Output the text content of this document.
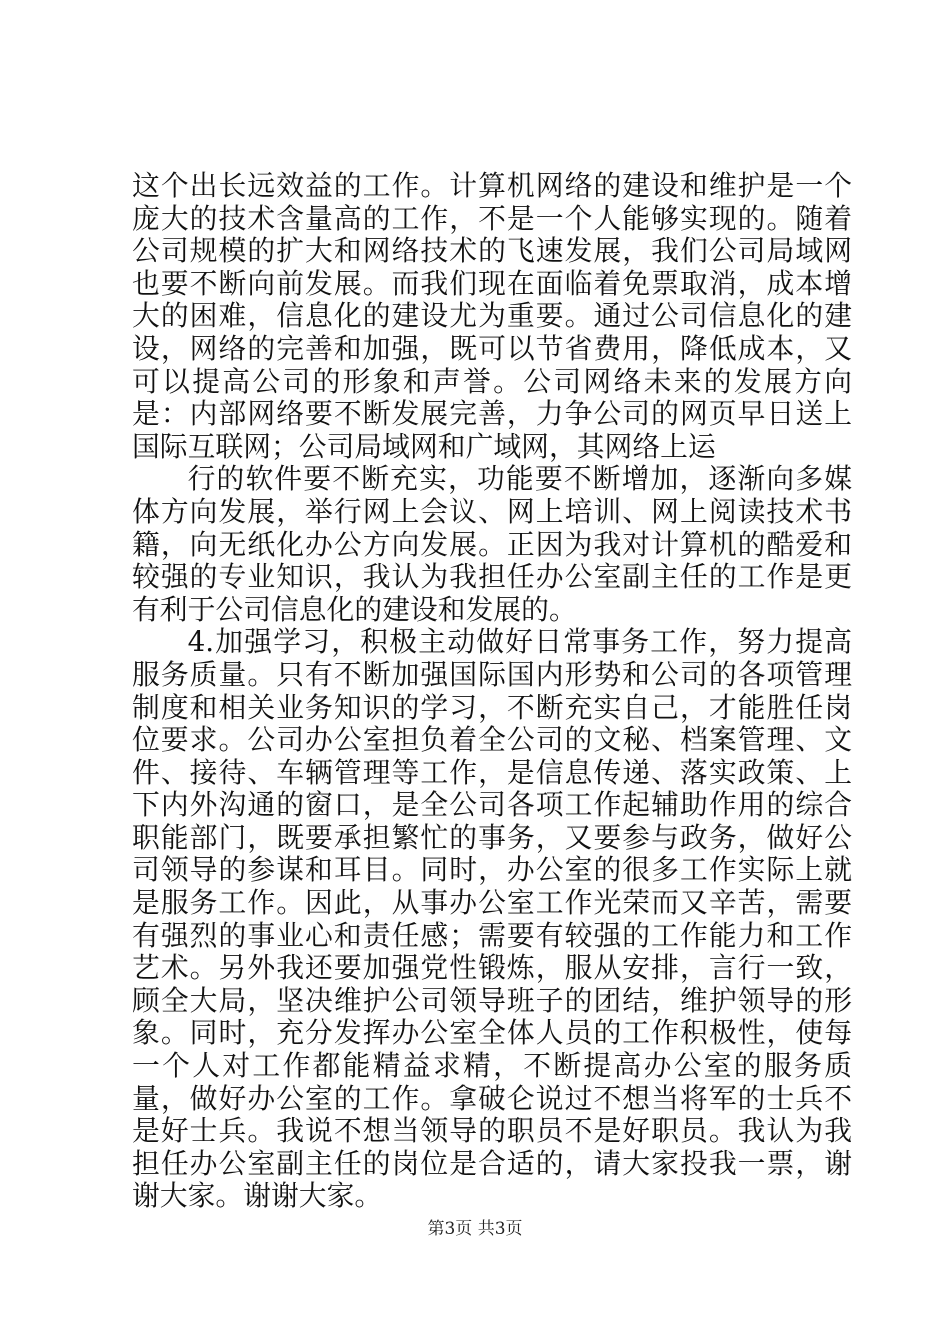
这个出长远效益的工作。计算机网络的建设和维护是一个庞大的技术含量高的工作，不是一个人能够实现的。随着公司规模的扩大和网络技术的飞速发展，我们公司局域网也要不断向前发展。而我们现在面临着免票取消，成本增大的困难，信息化的建设尤为重要。通过公司信息化的建设，网络的完善和加强，既可以节省费用，降低成本，又可以提高公司的形象和声誉。公司网络未来的发展方向是：内部网络要不断发展完善，力争公司的网页早日送上国际互联网；公司局域网和广域网，其网络上运

行的软件要不断充实，功能要不断增加，逐渐向多媒体方向发展，举行网上会议、网上培训、网上阅读技术书籍，向无纸化办公方向发展。正因为我对计算机的酷爱和较强的专业知识，我认为我担任办公室副主任的工作是更有利于公司信息化的建设和发展的。

4.加强学习，积极主动做好日常事务工作，努力提高服务质量。只有不断加强国际国内形势和公司的各项管理制度和相关业务知识的学习，不断充实自己，才能胜任岗位要求。公司办公室担负着全公司的文秘、档案管理、文件、接待、车辆管理等工作，是信息传递、落实政策、上下内外沟通的窗口，是全公司各项工作起辅助作用的综合职能部门，既要承担繁忙的事务，又要参与政务，做好公司领导的参谋和耳目。同时，办公室的很多工作实际上就是服务工作。因此，从事办公室工作光荣而又辛苦，需要有强烈的事业心和责任感；需要有较强的工作能力和工作艺术。另外我还要加强党性锻炼，服从安排，言行一致，顾全大局，坚决维护公司领导班子的团结，维护领导的形象。同时，充分发挥办公室全体人员的工作积极性，使每一个人对工作都能精益求精，不断提高办公室的服务质量，做好办公室的工作。拿破仑说过不想当将军的士兵不是好士兵。我说不想当领导的职员不是好职员。我认为我担任办公室副主任的岗位是合适的，请大家投我一票，谢谢大家。谢谢大家。

第3页 共3页
